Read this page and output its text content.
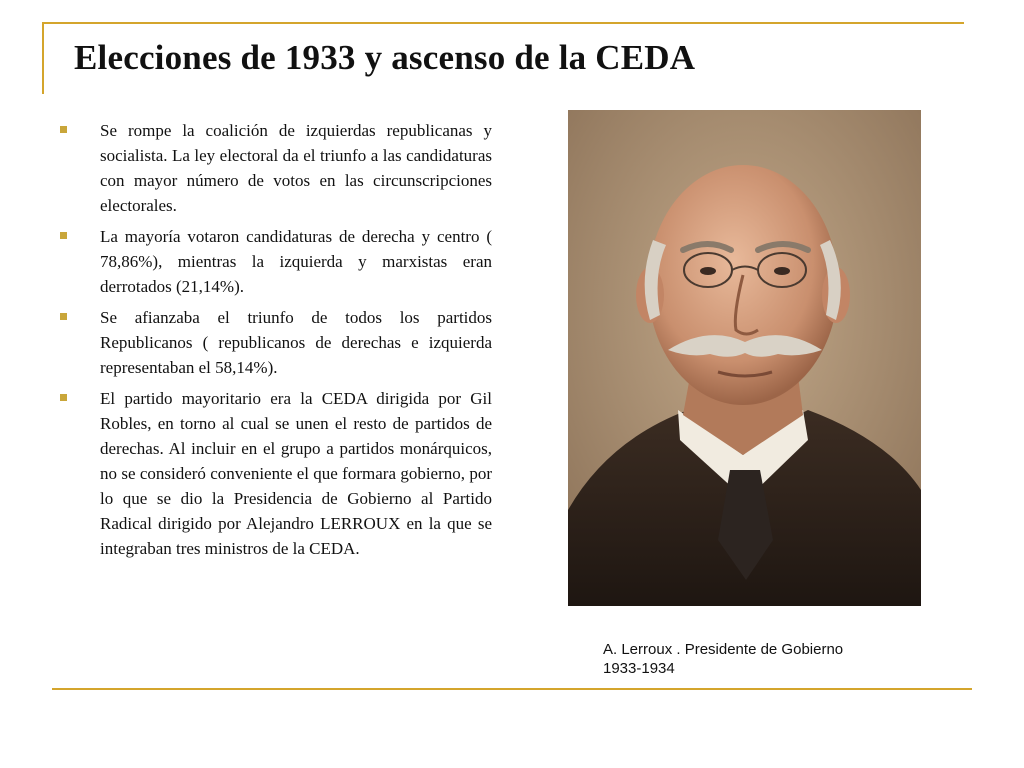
Elecciones de 1933 y ascenso de la CEDA
Se rompe la coalición de izquierdas republicanas y socialista. La ley electoral da el triunfo a las candidaturas con mayor número de votos en las circunscripciones electorales.
La mayoría votaron candidaturas de derecha y centro ( 78,86%), mientras la izquierda y marxistas eran derrotados (21,14%).
Se afianzaba el triunfo de todos los partidos Republicanos ( republicanos de derechas e izquierda representaban el 58,14%).
El partido mayoritario era la CEDA dirigida por Gil Robles, en torno al cual se unen el resto de partidos de derechas. Al incluir en el grupo a partidos monárquicos, no se consideró conveniente el que formara gobierno, por lo que se dio la Presidencia de Gobierno al Partido Radical dirigido por Alejandro LERROUX en la que se integraban tres ministros de la CEDA.
A. Lerroux . Presidente de Gobierno
1933-1934
